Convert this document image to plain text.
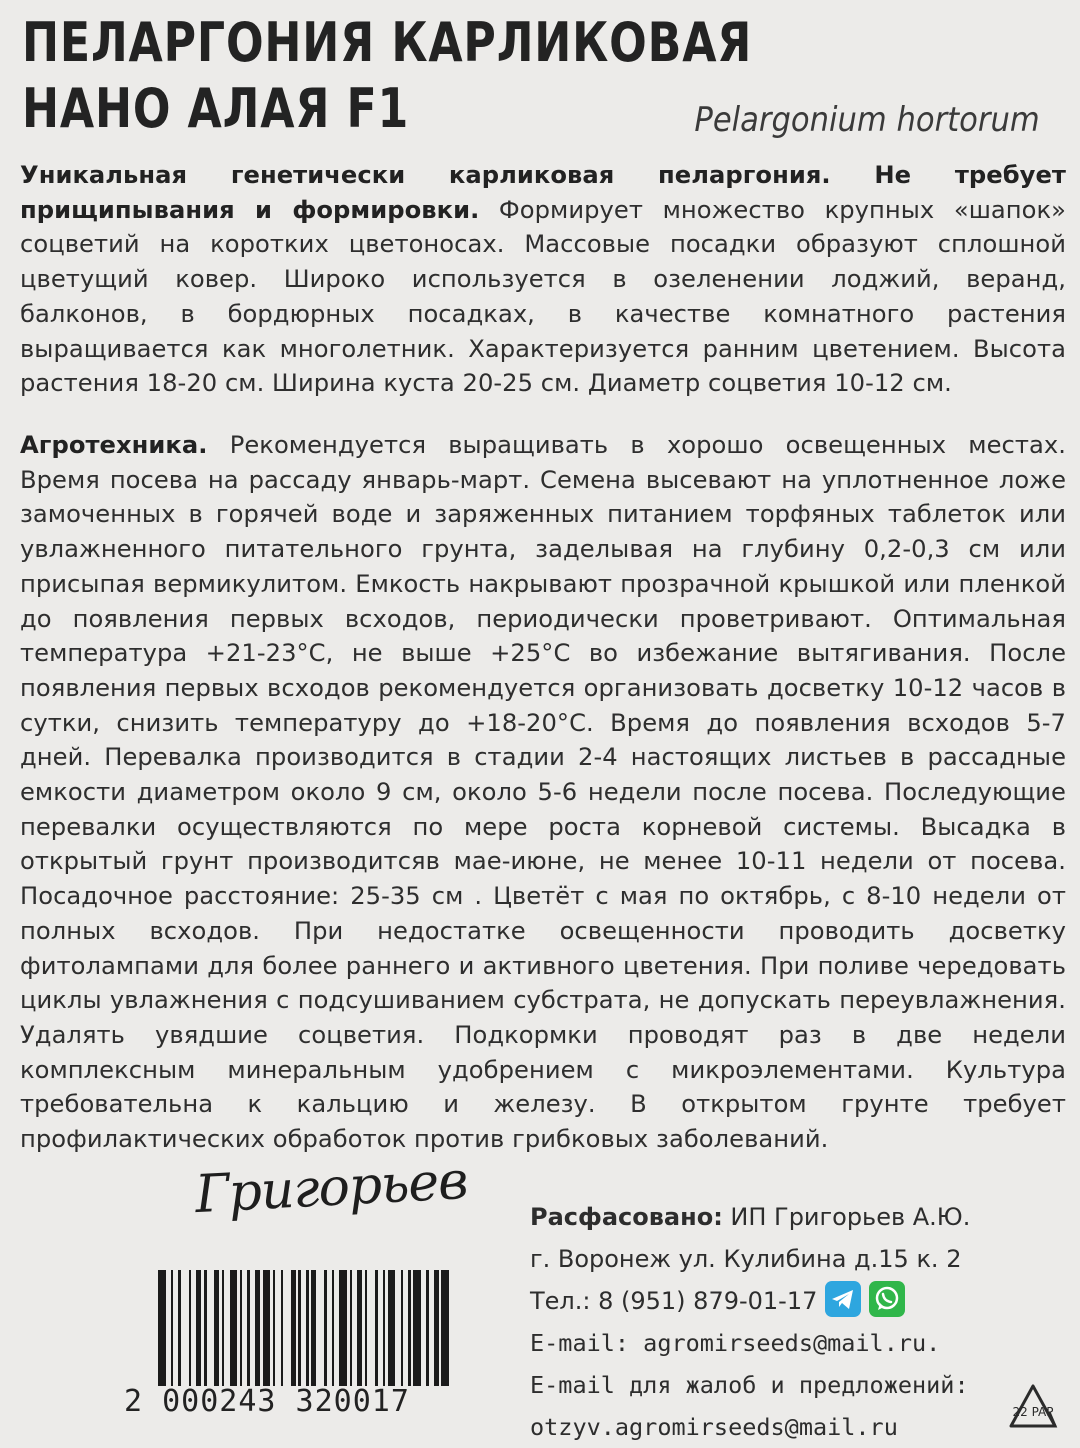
ПЕЛАРГОНИЯ КАРЛИКОВАЯ
НАНО АЛАЯ F1	Pelargonium hortorum
Уникальная генетически карликовая пеларгония. Не требует прищипывания и формировки. Формирует множество крупных «шапок» соцветий на коротких цветоносах. Массовые посадки образуют сплошной цветущий ковер. Широко используется в озеленении лоджий, веранд, балконов, в бордюрных посадках, в качестве комнатного растения выращивается как многолетник. Характеризуется ранним цветением. Высота растения 18-20 см. Ширина куста 20-25 см. Диаметр соцветия 10-12 см.
Агротехника. Рекомендуется выращивать в хорошо освещенных местах. Время посева на рассаду январь-март. Семена высевают на уплотненное ложе замоченных в горячей воде и заряженных питанием торфяных таблеток или увлажненного питательного грунта, заделывая на глубину 0,2-0,3 см или присыпая вермикулитом. Емкость накрывают прозрачной крышкой или пленкой до появления первых всходов, периодически проветривают. Оптимальная температура +21-23°С, не выше +25°С во избежание вытягивания. После появления первых всходов рекомендуется организовать досветку 10-12 часов в сутки, снизить температуру до +18-20°С. Время до появления всходов 5-7 дней. Перевалка производится в стадии 2-4 настоящих листьев в рассадные емкости диаметром около 9 см, около 5-6 недели после посева. Последующие перевалки осуществляются по мере роста корневой системы. Высадка в открытый грунт производитсяв мае-июне, не менее 10-11 недели от посева. Посадочное расстояние: 25-35 см . Цветёт с мая по октябрь, с 8-10 недели от полных всходов. При недостатке освещенности проводить досветку фитолампами для более раннего и активного цветения. При поливе чередовать циклы увлажнения с подсушиванием субстрата, не допускать переувлажнения. Удалять увядшие соцветия. Подкормки проводят раз в две недели комплексным минеральным удобрением с микроэлементами. Культура требовательна к кальцию и железу. В открытом грунте требует профилактических обработок против грибковых заболеваний.
Григорьев
2 000243 320017
Расфасовано: ИП Григорьев А.Ю.
г. Воронеж ул. Кулибина д.15 к. 2
Тел.: 8 (951) 879-01-17
E-mail: agromirseeds@mail.ru.
E-mail для жалоб и предложений:
otzyv.agromirseeds@mail.ru
22 PAP
